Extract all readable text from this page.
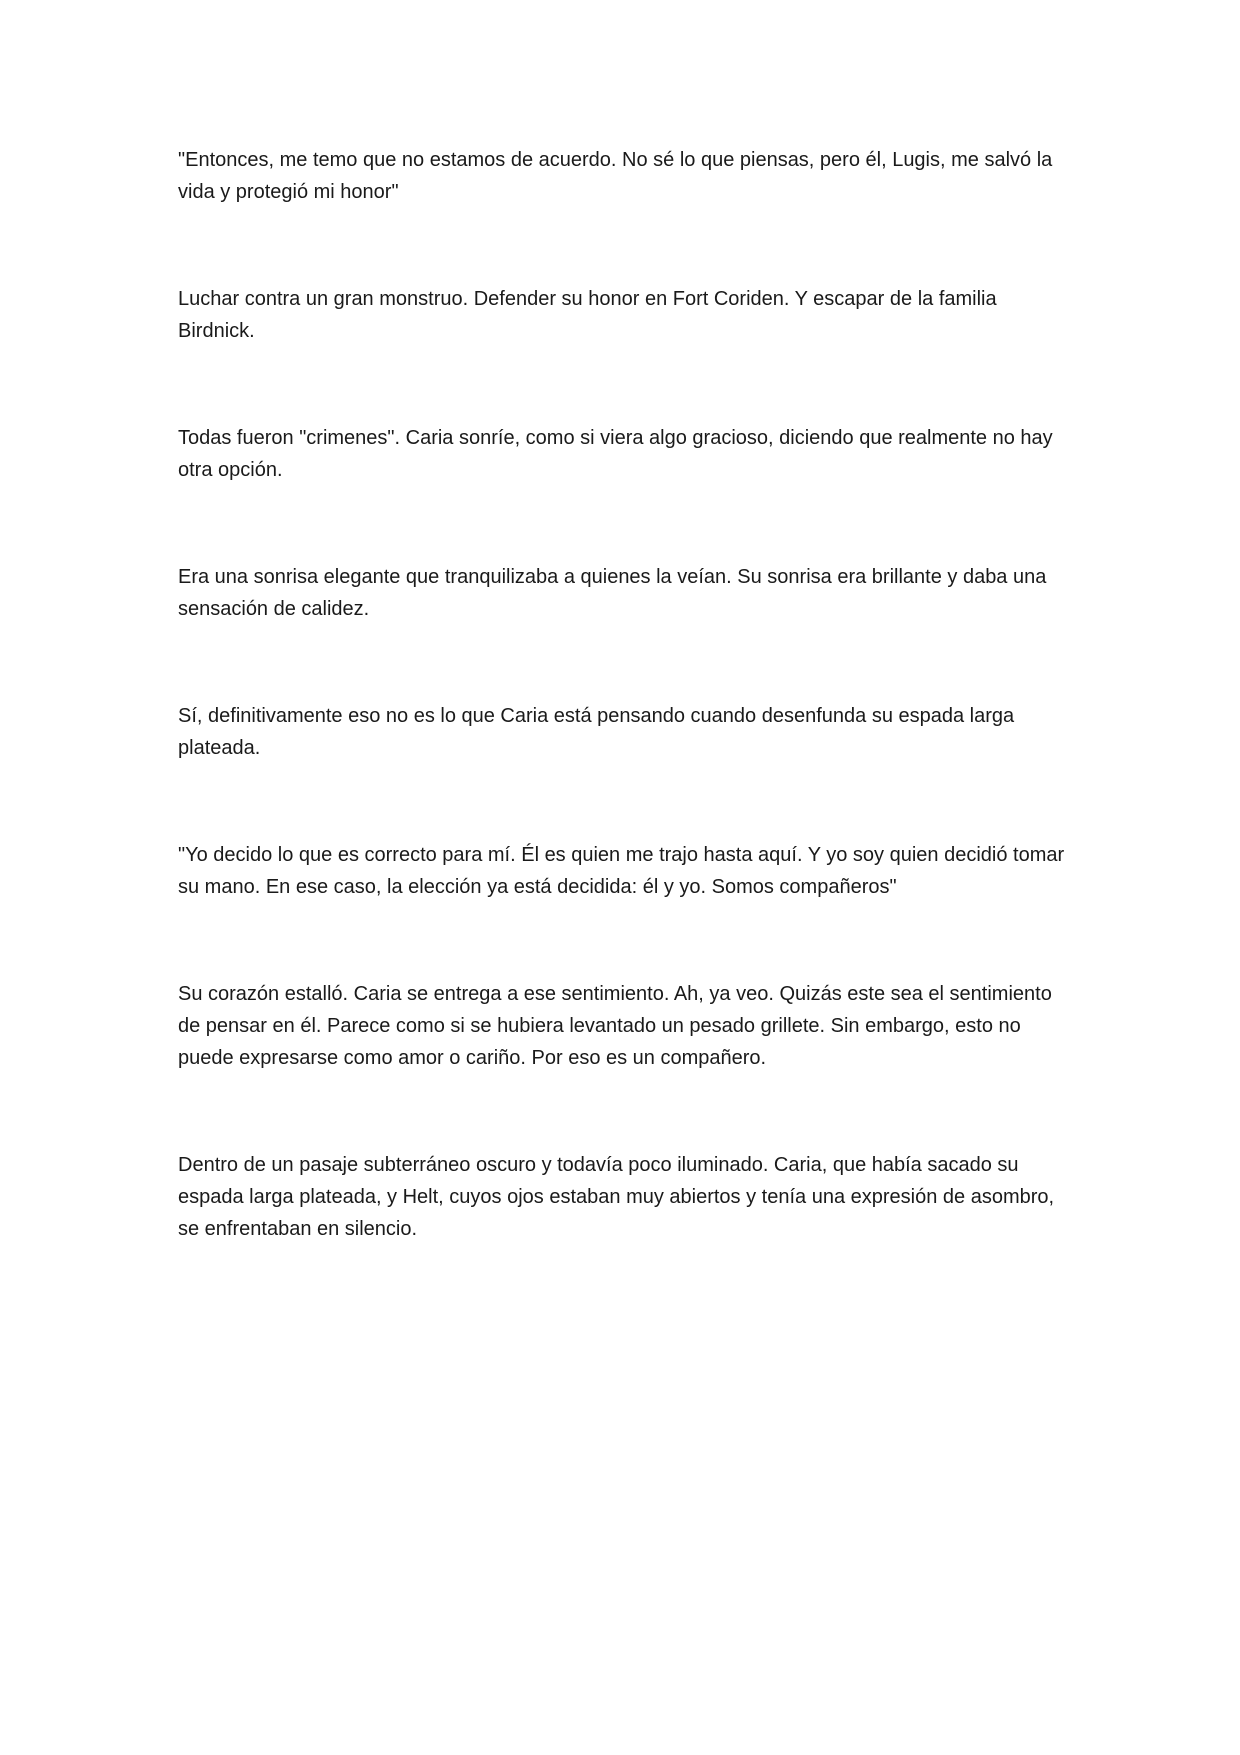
"Entonces, me temo que no estamos de acuerdo. No sé lo que piensas, pero él, Lugis, me salvó la vida y protegió mi honor"

Luchar contra un gran monstruo. Defender su honor en Fort Coriden. Y escapar de la familia Birdnick.

Todas fueron "crimenes". Caria sonríe, como si viera algo gracioso, diciendo que realmente no hay otra opción.

Era una sonrisa elegante que tranquilizaba a quienes la veían. Su sonrisa era brillante y daba una sensación de calidez.

Sí, definitivamente eso no es lo que Caria está pensando cuando desenfunda su espada larga plateada.

"Yo decido lo que es correcto para mí. Él es quien me trajo hasta aquí. Y yo soy quien decidió tomar su mano. En ese caso, la elección ya está decidida: él y yo. Somos compañeros"

Su corazón estalló. Caria se entrega a ese sentimiento. Ah, ya veo. Quizás este sea el sentimiento de pensar en él. Parece como si se hubiera levantado un pesado grillete. Sin embargo, esto no puede expresarse como amor o cariño. Por eso es un compañero.

Dentro de un pasaje subterráneo oscuro y todavía poco iluminado. Caria, que había sacado su espada larga plateada, y Helt, cuyos ojos estaban muy abiertos y tenía una expresión de asombro, se enfrentaban en silencio.
